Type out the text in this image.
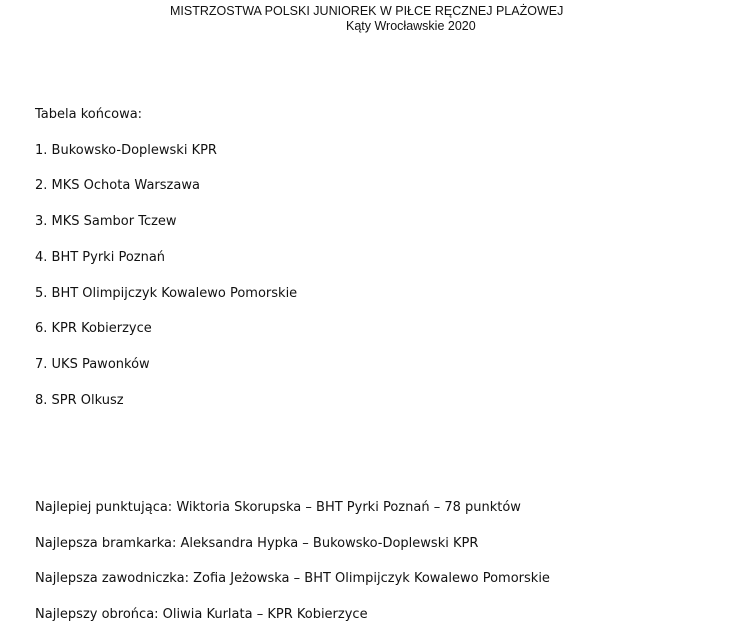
MISTRZOSTWA POLSKI JUNIOREK W PIŁCE RĘCZNEJ PLAŻOWEJ
Kąty Wrocławskie 2020
Tabela końcowa:
1. Bukowsko-Doplewski KPR
2. MKS Ochota Warszawa
3. MKS Sambor Tczew
4. BHT Pyrki Poznań
5. BHT Olimpijczyk Kowalewo Pomorskie
6. KPR Kobierzyce
7. UKS Pawonków
8. SPR Olkusz
Najlepiej punktująca: Wiktoria Skorupska – BHT Pyrki Poznań – 78 punktów
Najlepsza bramkarka: Aleksandra Hypka – Bukowsko-Doplewski KPR
Najlepsza zawodniczka: Zofia Jeżowska – BHT Olimpijczyk Kowalewo Pomorskie
Najlepszy obrońca: Oliwia Kurlata – KPR Kobierzyce
